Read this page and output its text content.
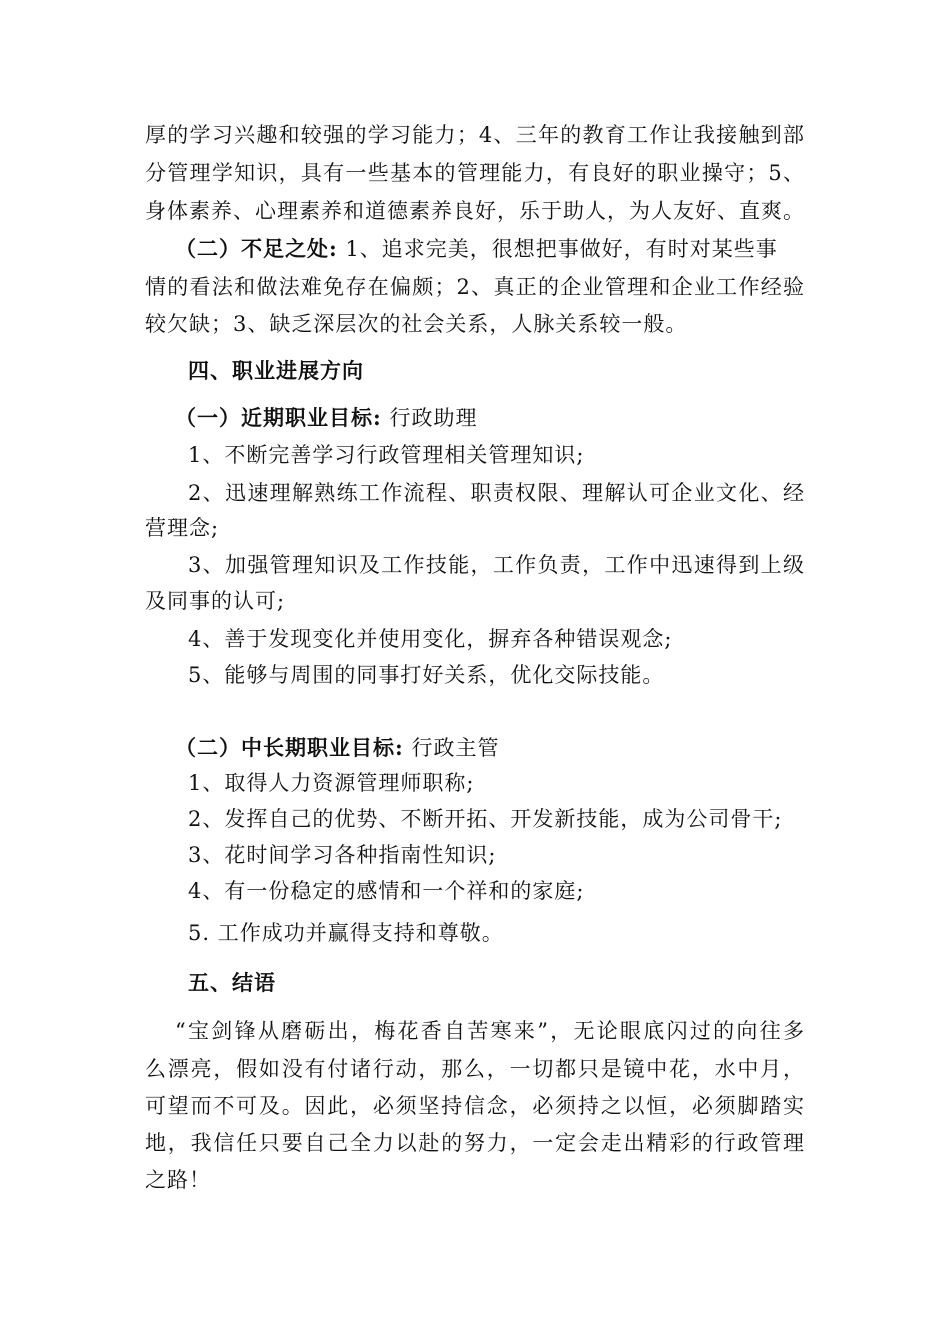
厚的学习兴趣和较强的学习能力；4、三年的教育工作让我接触到部
分管理学知识，具有一些基本的管理能力，有良好的职业操守；5、
身体素养、心理素养和道德素养良好，乐于助人，为人友好、直爽。
（二）不足之处: 1、追求完美，很想把事做好，有时对某些事
情的看法和做法难免存在偏颇；2、真正的企业管理和企业工作经验
较欠缺；3、缺乏深层次的社会关系，人脉关系较一般。
四、职业进展方向
（一）近期职业目标: 行政助理
1、不断完善学习行政管理相关管理知识;
2、迅速理解熟练工作流程、职责权限、理解认可企业文化、经
营理念;
3、加强管理知识及工作技能，工作负责，工作中迅速得到上级
及同事的认可;
4、善于发现变化并使用变化，摒弃各种错误观念;
5、能够与周围的同事打好关系，优化交际技能。
（二）中长期职业目标: 行政主管
1、取得人力资源管理师职称;
2、发挥自己的优势、不断开拓、开发新技能，成为公司骨干;
3、花时间学习各种指南性知识;
4、有一份稳定的感情和一个祥和的家庭;
5. 工作成功并赢得支持和尊敬。
五、结语
“宝剑锋从磨砺出，梅花香自苦寒来”，无论眼底闪过的向往多
么漂亮，假如没有付诸行动，那么，一切都只是镜中花，水中月，
可望而不可及。因此，必须坚持信念，必须持之以恒，必须脚踏实
地，我信任只要自己全力以赴的努力，一定会走出精彩的行政管理
之路！
